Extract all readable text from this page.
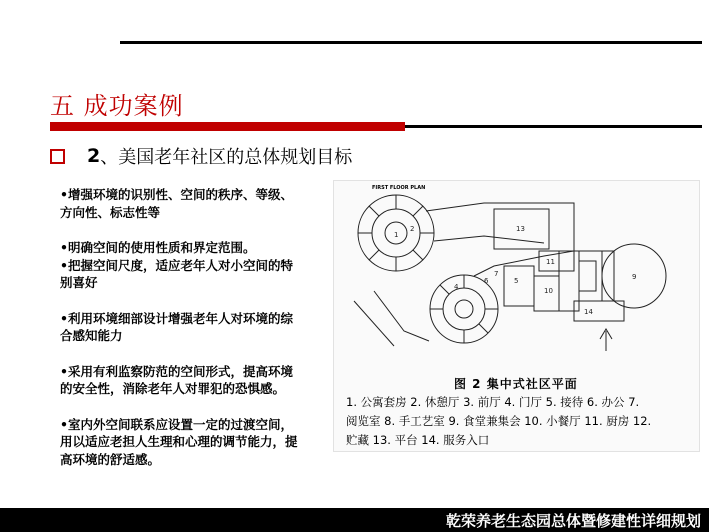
五 成功案例
2 、美国老年社区的总体规划目标

•增强环境的识别性、空间的秩序、等级、

方向性、标志性等

•明确空间的使用性质和界定范围。

•把握空间尺度，适应老年人对小空间的特

别喜好

•利用环境细部设计增强老年人对环境的综

合感知能力

•采用有利监察防范的空间形式，提高环境

的安全性，消除老年人对罪犯的恐惧感。

•室内外空间联系应设置一定的过渡空间，

用以适应老担人生理和心理的调节能力，提

高环境的舒适感。

1
2	13
11
10
9
6	5
7
4
14
FIRST FLOOR PLAN
图 2 集中式社区平面
1. 公寓套房 2. 休憩厅 3. 前厅 4. 门厅 5. 接待 6. 办公 7.
阅览室 8. 手工艺室 9. 食堂兼集会 10. 小餐厅 11. 厨房 12.
贮藏 13. 平台 14. 服务入口
乾荣养老生态园总体暨修建性详细规划
